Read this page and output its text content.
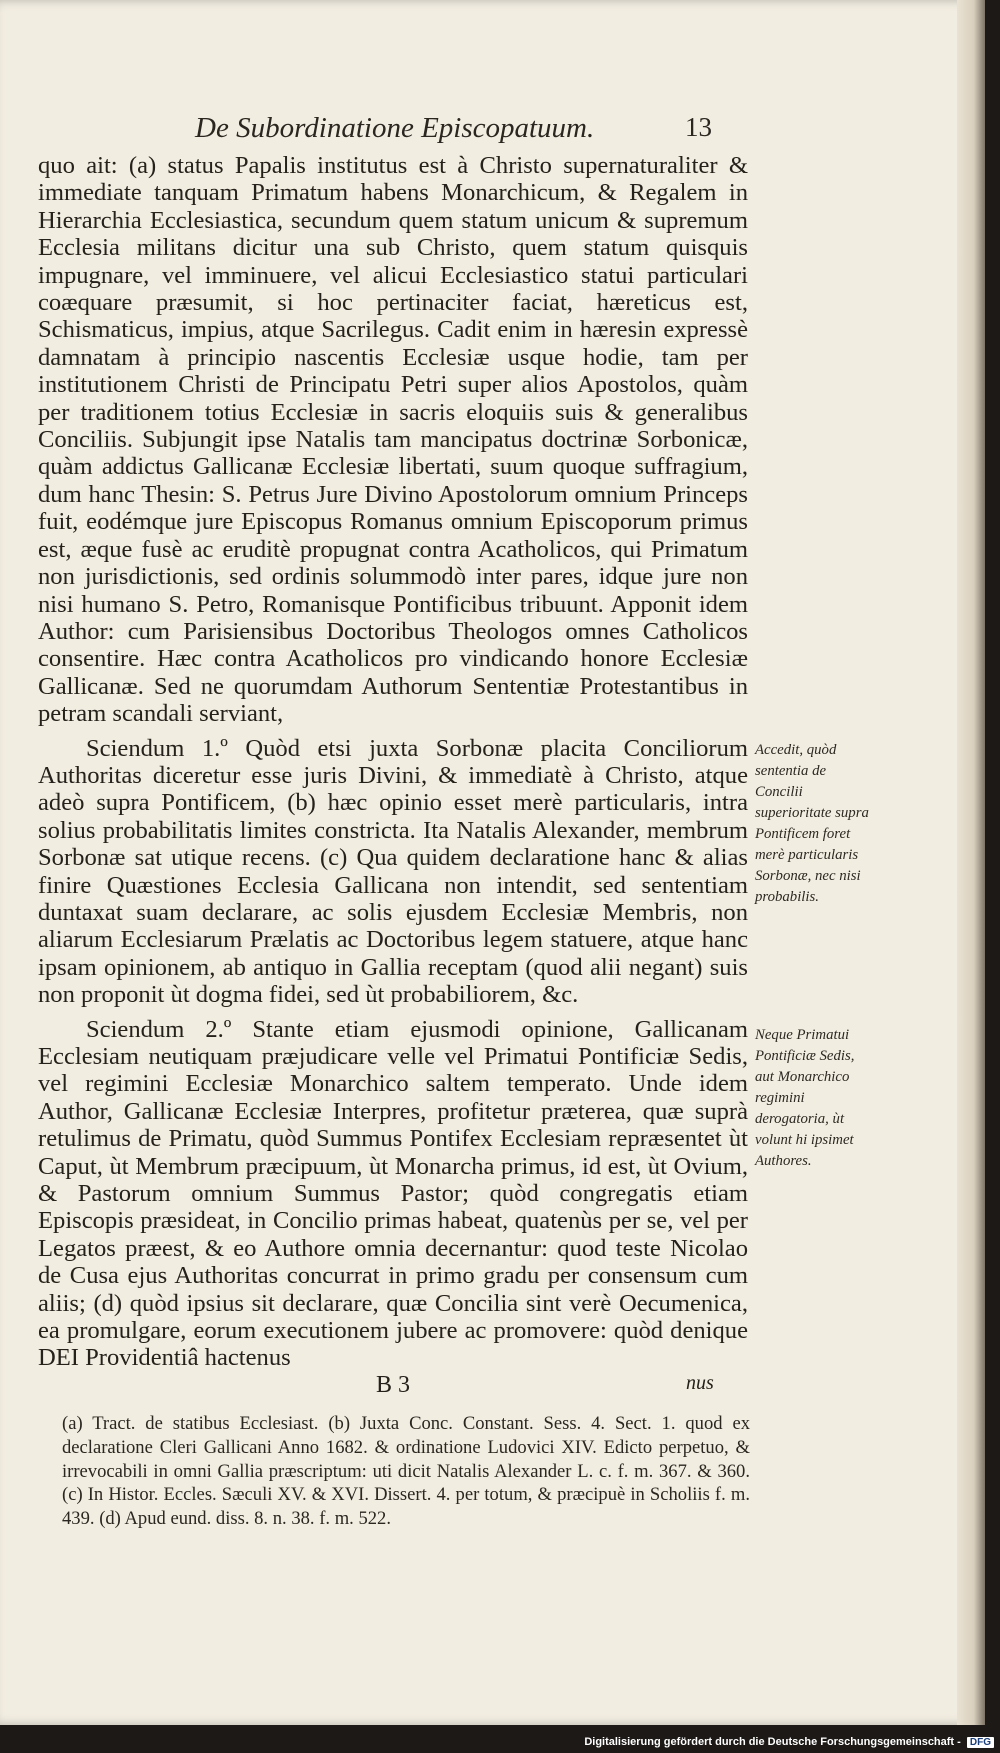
De Subordinatione Episcopatuum.	13

quo ait: (a) status Papalis institutus est à Christo supernaturaliter & immediate tanquam Primatum habens Monarchicum, & Regalem in Hierarchia Ecclesiastica, secundum quem statum unicum & supremum Ecclesia militans dicitur una sub Christo, quem statum quisquis impugnare, vel imminuere, vel alicui Ecclesiastico statui particulari coæquare præsumit, si hoc pertinaciter faciat, hæreticus est, Schismaticus, impius, atque Sacrilegus. Cadit enim in hæresin expressè damnatam à principio nascentis Ecclesiæ usque hodie, tam per institutionem Christi de Principatu Petri super alios Apostolos, quàm per traditionem totius Ecclesiæ in sacris eloquiis suis & generalibus Conciliis. Subjungit ipse Natalis tam mancipatus doctrinæ Sorbonicæ, quàm addictus Gallicanæ Ecclesiæ libertati, suum quoque suffragium, dum hanc Thesin: S. Petrus Jure Divino Apostolorum omnium Princeps fuit, eodémque jure Episcopus Romanus omnium Episcoporum primus est, æque fusè ac eruditè propugnat contra Acatholicos, qui Primatum non jurisdictionis, sed ordinis solummodò inter pares, idque jure non nisi humano S. Petro, Romanisque Pontificibus tribuunt. Apponit idem Author: cum Parisiensibus Doctoribus Theologos omnes Catholicos consentire. Hæc contra Acatholicos pro vindicando honore Ecclesiæ Gallicanæ. Sed ne quorumdam Authorum Sententiæ Protestantibus in petram scandali serviant,

Sciendum 1.º Quòd etsi juxta Sorbonæ placita Conciliorum Authoritas diceretur esse juris Divini, & immediatè à Christo, atque adeò supra Pontificem, (b) hæc opinio esset merè particularis, intra solius probabilitatis limites constricta. Ita Natalis Alexander, membrum Sorbonæ sat utique recens. (c) Qua quidem declaratione hanc & alias finire Quæstiones Ecclesia Gallicana non intendit, sed sententiam duntaxat suam declarare, ac solis ejusdem Ecclesiæ Membris, non aliarum Ecclesiarum Prælatis ac Doctoribus legem statuere, atque hanc ipsam opinionem, ab antiquo in Gallia receptam (quod alii negant) suis non proponit ùt dogma fidei, sed ùt probabiliorem, &c.

Sciendum 2.º Stante etiam ejusmodi opinione, Gallicanam Ecclesiam neutiquam præjudicare velle vel Primatui Pontificiæ Sedis, vel regimini Ecclesiæ Monarchico saltem temperato. Unde idem Author, Gallicanæ Ecclesiæ Interpres, profitetur præterea, quæ suprà retulimus de Primatu, quòd Summus Pontifex Ecclesiam repræsentet ùt Caput, ùt Membrum præcipuum, ùt Monarcha primus, id est, ùt Ovium, & Pastorum omnium Summus Pastor; quòd congregatis etiam Episcopis præsideat, in Concilio primas habeat, quatenùs per se, vel per Legatos præest, & eo Authore omnia decernantur: quod teste Nicolao de Cusa ejus Authoritas concurrat in primo gradu per consensum cum aliis; (d) quòd ipsius sit declarare, quæ Concilia sint verè Oecumenica, ea promulgare, eorum executionem jubere ac promovere: quòd denique DEI Providentiâ hactenus

Accedit, quòd sententia de Concilii superioritate supra Pontificem foret merè particularis Sorbonæ, nec nisi probabilis.
Neque Primatui Pontificiæ Sedis, aut Monarchico regimini derogatoria, ùt volunt hi ipsimet Authores.
B 3	nus
(a) Tract. de statibus Ecclesiast. (b) Juxta Conc. Constant. Sess. 4. Sect. 1. quod ex declaratione Cleri Gallicani Anno 1682. & ordinatione Ludovici XIV. Edicto perpetuo, & irrevocabili in omni Gallia præscriptum: uti dicit Natalis Alexander L. c. f. m. 367. & 360. (c) In Histor. Eccles. Sæculi XV. & XVI. Dissert. 4. per totum, & præcipuè in Scholiis f. m. 439. (d) Apud eund. diss. 8. n. 38. f. m. 522.
Digitalisierung gefördert durch die Deutsche Forschungsgemeinschaft - DFG
